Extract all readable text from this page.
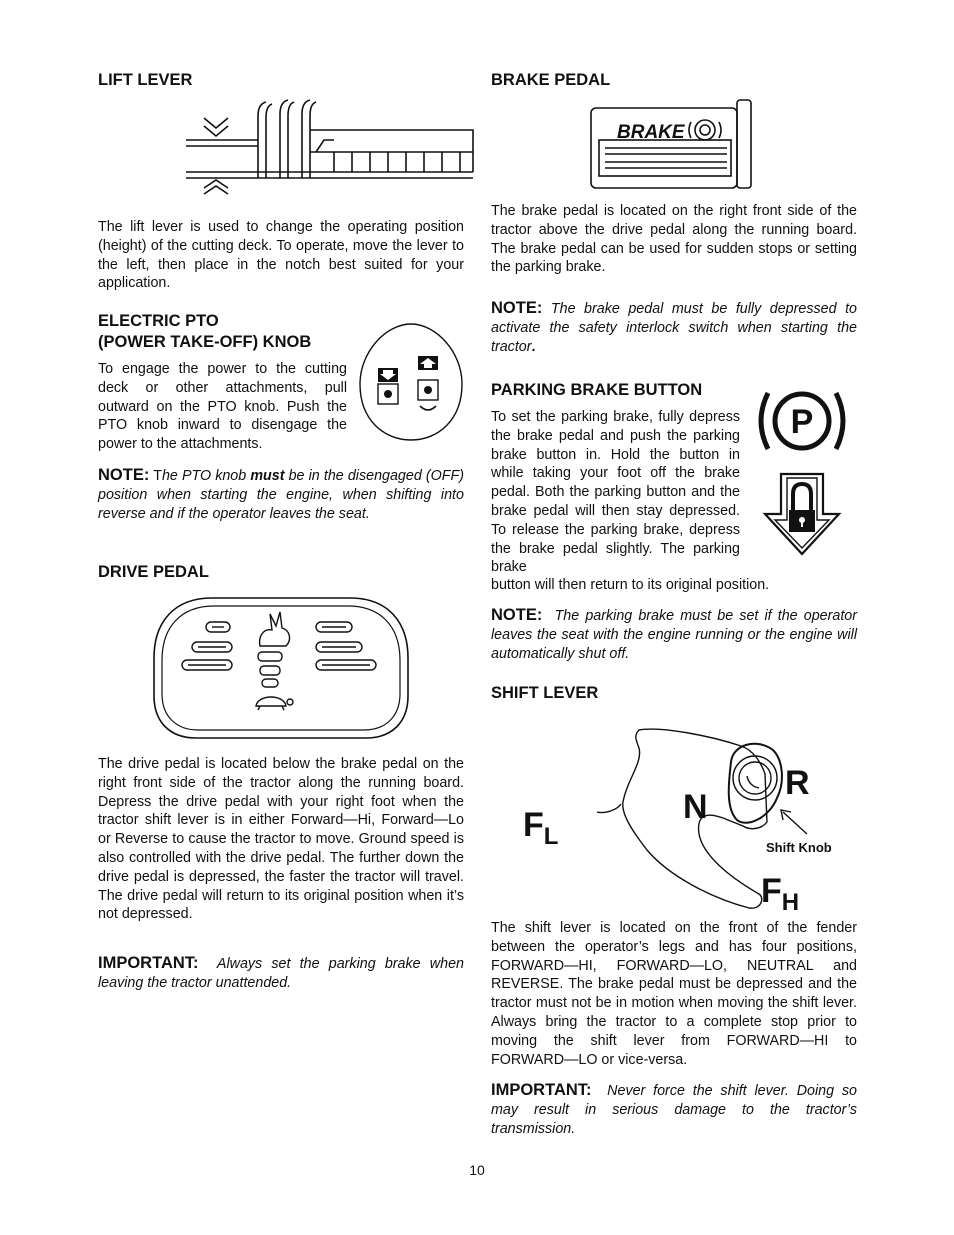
LIFT LEVER

The lift lever is used to change the operating position (height) of the cutting deck. To operate, move the lever to the left, then place in the notch best suited for your application.

ELECTRIC PTO
(POWER TAKE-OFF) KNOB

To engage the power to the cutting deck or other attachments, pull outward on the PTO knob. Push the PTO knob inward to disengage the power to the attachments.

NOTE: The PTO knob must be in the disengaged (OFF) position when starting the engine, when shifting into reverse and if the operator leaves the seat.

DRIVE PEDAL

The drive pedal is located below the brake pedal on the right front side of the tractor along the running board. Depress the drive pedal with your right foot when the tractor shift lever is in either Forward—Hi, Forward—Lo or Reverse to cause the tractor to move. Ground speed is also controlled with the drive pedal. The further down the drive pedal is depressed, the faster the tractor will travel. The drive pedal will return to its original position when it’s not depressed.

IMPORTANT: Always set the parking brake when leaving the tractor unattended.

BRAKE PEDAL
BRAKE

The brake pedal is located on the right front side of the tractor above the drive pedal along the running board. The brake pedal can be used for sudden stops or setting the parking brake.

NOTE: The brake pedal must be fully depressed to activate the safety interlock switch when starting the tractor.

PARKING BRAKE BUTTON

To set the parking brake, fully depress the brake pedal and push the parking brake button in. Hold the button in while taking your foot off the brake pedal. Both the parking button and the brake pedal will then stay depressed. To release the parking brake, depress the brake pedal slightly. The parking brake

button will then return to its original position.

P

NOTE: The parking brake must be set if the operator leaves the seat with the engine running or the engine will automatically shut off.

SHIFT LEVER
$F_L$
N
R
$F_H$
Shift Knob

The shift lever is located on the front of the fender between the operator’s legs and has four positions, FORWARD—HI, FORWARD—LO, NEUTRAL and REVERSE. The brake pedal must be depressed and the tractor must not be in motion when moving the shift lever. Always bring the tractor to a complete stop prior to moving the shift lever from FORWARD—HI to FORWARD—LO or vice-versa.

IMPORTANT: Never force the shift lever. Doing so may result in serious damage to the tractor’s transmission.

10
